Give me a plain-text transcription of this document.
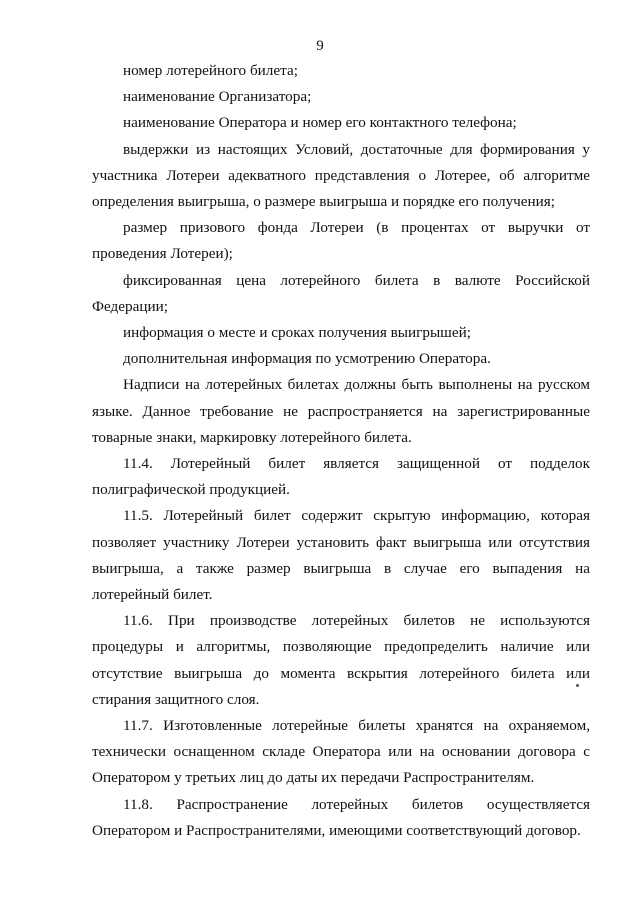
9

номер лотерейного билета;

наименование Организатора;

наименование Оператора и номер его контактного телефона;

выдержки из настоящих Условий, достаточные для формирования у участника Лотереи адекватного представления о Лотерее, об алгоритме определения выигрыша, о размере выигрыша и порядке его получения;

размер призового фонда Лотереи (в процентах от выручки от проведения Лотереи);

фиксированная цена лотерейного билета в валюте Российской Федерации;

информация о месте и сроках получения выигрышей;

дополнительная информация по усмотрению Оператора.

Надписи на лотерейных билетах должны быть выполнены на русском языке. Данное требование не распространяется на зарегистрированные товарные знаки, маркировку лотерейного билета.

11.4. Лотерейный билет является защищенной от подделок полиграфической продукцией.

11.5. Лотерейный билет содержит скрытую информацию, которая позволяет участнику Лотереи установить факт выигрыша или отсутствия выигрыша, а также размер выигрыша в случае его выпадения на лотерейный билет.

11.6. При производстве лотерейных билетов не используются процедуры и алгоритмы, позволяющие предопределить наличие или отсутствие выигрыша до момента вскрытия лотерейного билета или стирания защитного слоя.

11.7. Изготовленные лотерейные билеты хранятся на охраняемом, технически оснащенном складе Оператора или на основании договора с Оператором у третьих лиц до даты их передачи Распространителям.

11.8. Распространение лотерейных билетов осуществляется Оператором и Распространителями, имеющими соответствующий договор.
